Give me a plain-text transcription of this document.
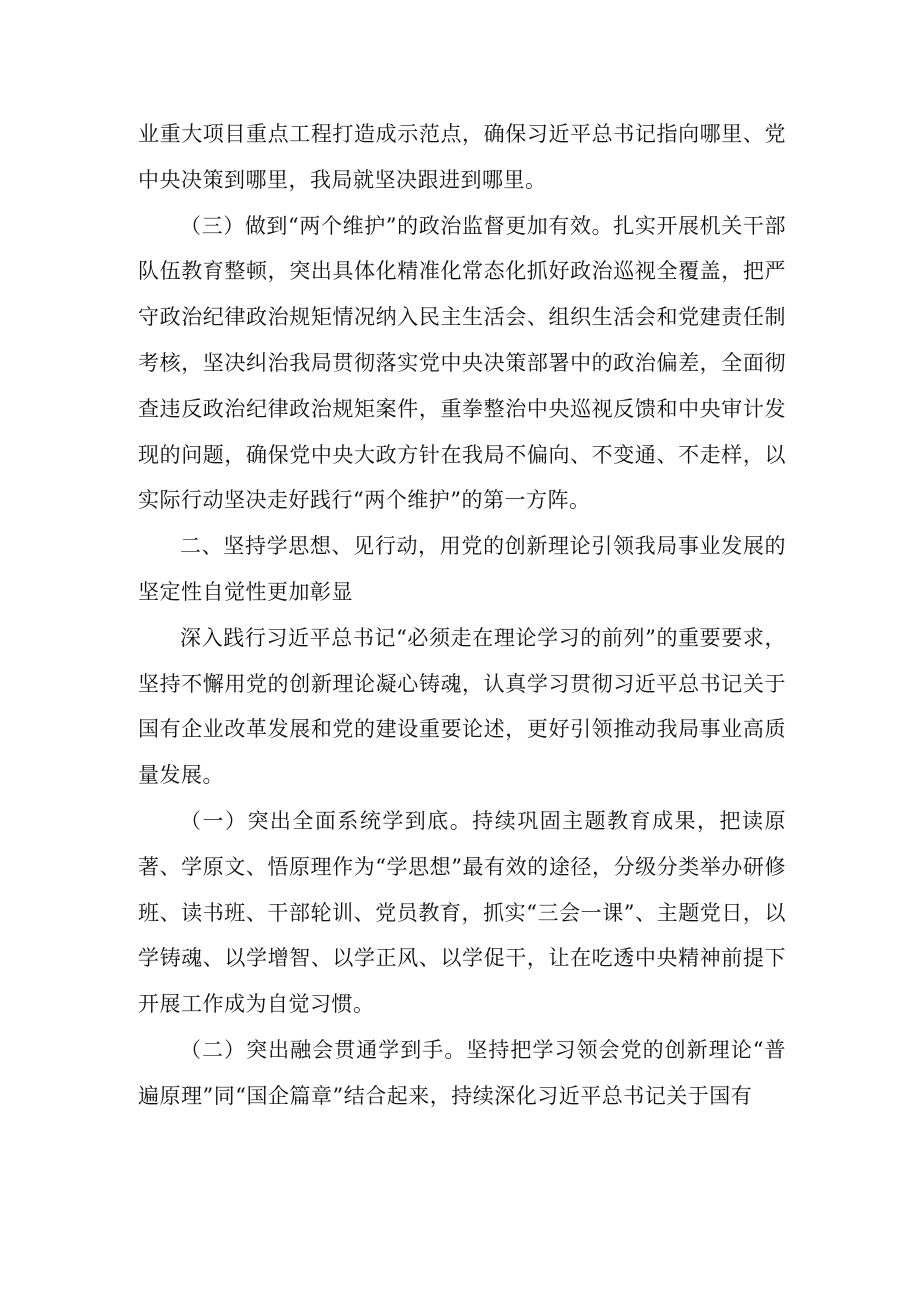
业重大项目重点工程打造成示范点，确保习近平总书记指向哪里、党中央决策到哪里，我局就坚决跟进到哪里。

（三）做到“两个维护”的政治监督更加有效。扎实开展机关干部队伍教育整顿，突出具体化精准化常态化抓好政治巡视全覆盖，把严守政治纪律政治规矩情况纳入民主生活会、组织生活会和党建责任制考核，坚决纠治我局贯彻落实党中央决策部署中的政治偏差，全面彻查违反政治纪律政治规矩案件，重拳整治中央巡视反馈和中央审计发现的问题，确保党中央大政方针在我局不偏向、不变通、不走样，以实际行动坚决走好践行“两个维护”的第一方阵。

二、坚持学思想、见行动，用党的创新理论引领我局事业发展的坚定性自觉性更加彰显

深入践行习近平总书记“必须走在理论学习的前列”的重要要求，坚持不懈用党的创新理论凝心铸魂，认真学习贯彻习近平总书记关于国有企业改革发展和党的建设重要论述，更好引领推动我局事业高质量发展。

（一）突出全面系统学到底。持续巩固主题教育成果，把读原著、学原文、悟原理作为“学思想”最有效的途径，分级分类举办研修班、读书班、干部轮训、党员教育，抓实“三会一课”、主题党日，以学铸魂、以学增智、以学正风、以学促干，让在吃透中央精神前提下开展工作成为自觉习惯。

（二）突出融会贯通学到手。坚持把学习领会党的创新理论“普遍原理”同“国企篇章”结合起来，持续深化习近平总书记关于国有
